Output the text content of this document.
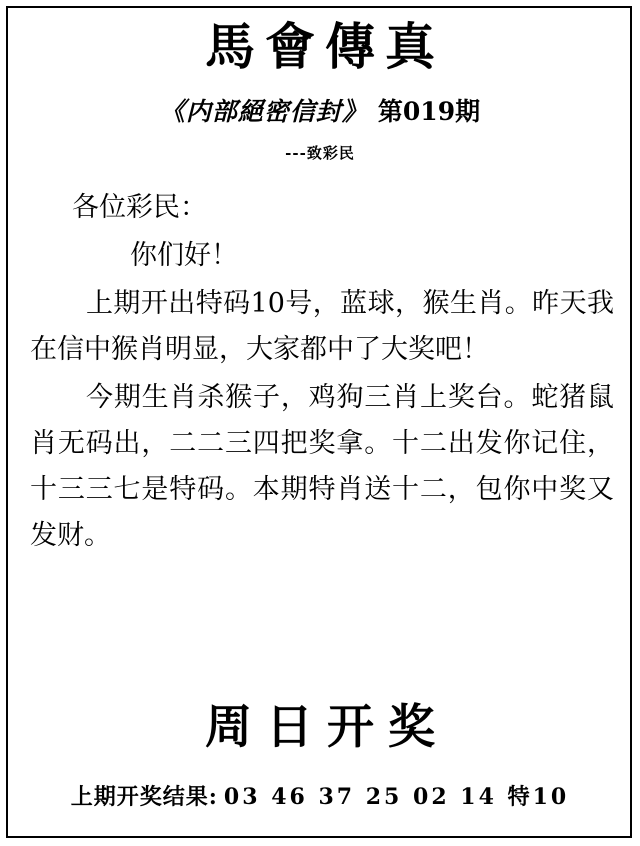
馬會傳真
《内部絕密信封》 第019期
---致彩民

各位彩民：

你们好！

上期开出特码10号，蓝球，猴生肖。昨天我在信中猴肖明显，大家都中了大奖吧！

今期生肖杀猴子，鸡狗三肖上奖台。蛇猪鼠肖无码出，二二三四把奖拿。十二出发你记住，十三三七是特码。本期特肖送十二，包你中奖又发财。

周日开奖
上期开奖结果: 03 46 37 25 02 14 特10
